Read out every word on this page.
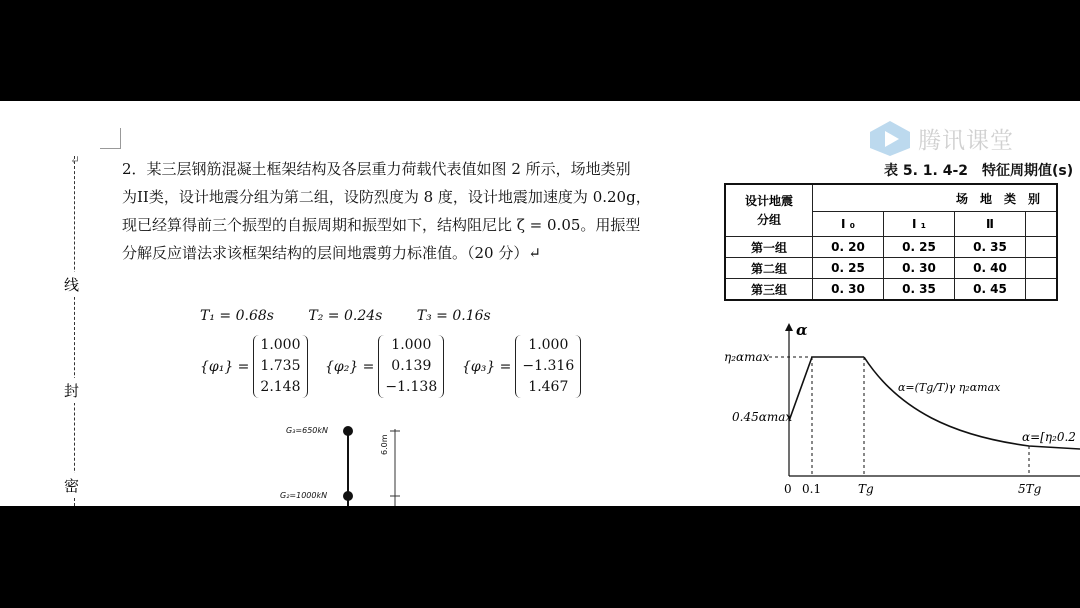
↵
线
封
密

2．某三层钢筋混凝土框架结构及各层重力荷载代表值如图 2 所示，场地类别

为II类，设计地震分组为第二组，设防烈度为 8 度，设计地震加速度为 0.20g，

现已经算得前三个振型的自振周期和振型如下，结构阻尼比 ζ = 0.05。用振型

分解反应谱法求该框架结构的层间地震剪力标准值。（20 分）↵

T₁ = 0.68s T₂ = 0.24s T₃ = 0.16s
{φ₁} =
1.000
1.735
2.148
{φ₂} =
1.000
0.139
−1.138
{φ₃} =
1.000
−1.316
1.467
G₃=650kN
G₂=1000kN
6.0m
腾讯课堂
表 5. 1. 4-2　特征周期值(s)
设计地震
分组	场　地　类　别			
	I ₀	I ₁	Ⅱ	
第一组	0. 20	0. 25	0. 35	
第二组	0. 25	0. 30	0. 40	
第三组	0. 30	0. 35	0. 45	
α
η₂αmax
0.45αmax
α=(Tg/T)γ η₂αmax
α=[η₂0.2
0 0.1	Tg	5Tg
